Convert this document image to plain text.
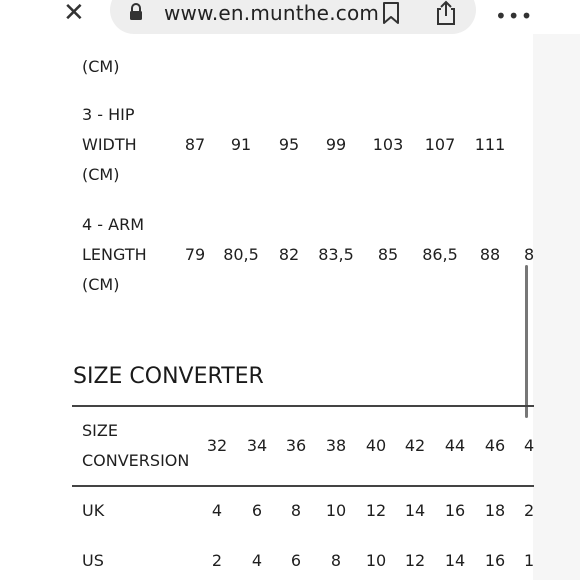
✕	www.en.munthe.com	•••
(CM)
3 - HIP
WIDTH
(CM)
87 91 95 99 103 107 111
4 - ARM
LENGTH
(CM)
79 80,5 82 83,5 85 86,5 88 8
SIZE CONVERTER
SIZE
CONVERSION
32 34 36 38 40 42 44 46 4
UK	4 6 8 10 12 14 16 18 2
US	2 4 6 8 10 12 14 16 1
